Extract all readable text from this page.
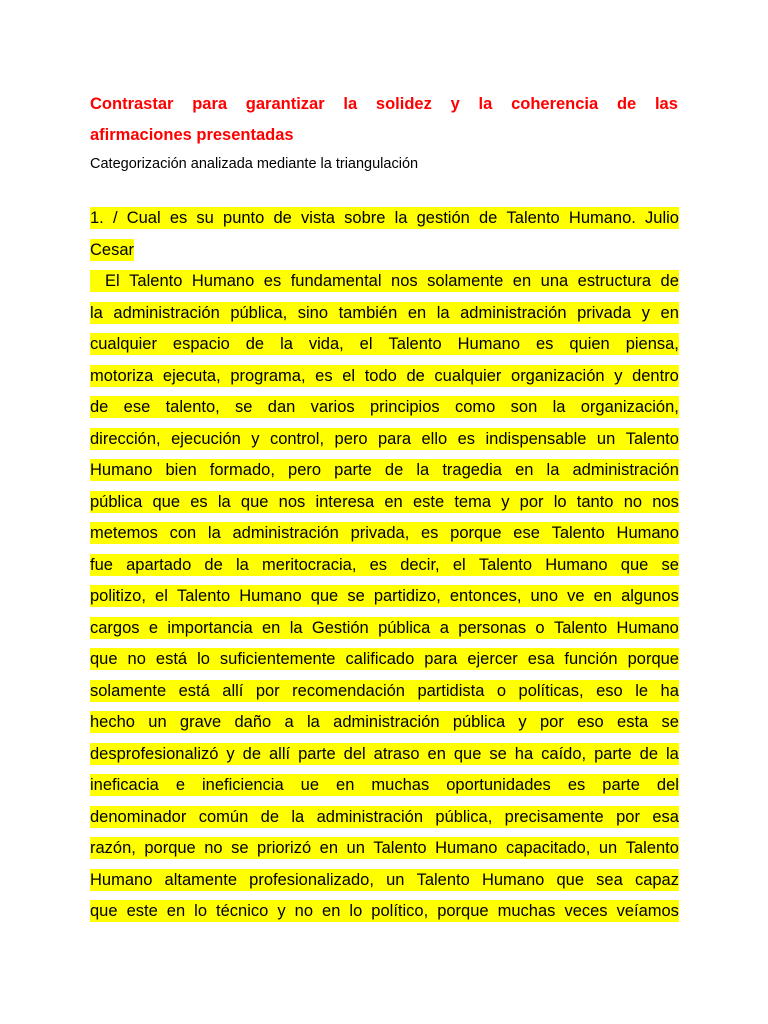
Contrastar para garantizar la solidez y la coherencia de las
afirmaciones presentadas

Categorización analizada mediante la triangulación

1. / Cual es su punto de vista sobre la gestión de Talento Humano. Julio
Cesar
El Talento Humano es fundamental nos solamente en una estructura de
la administración pública, sino también en la administración privada y en
cualquier espacio de la vida, el Talento Humano es quien piensa,
motoriza ejecuta, programa, es el todo de cualquier organización y dentro
de ese talento, se dan varios principios como son la organización,
dirección, ejecución y control, pero para ello es indispensable un Talento
Humano bien formado, pero parte de la tragedia en la administración
pública que es la que nos interesa en este tema y por lo tanto no nos
metemos con la administración privada, es porque ese Talento Humano
fue apartado de la meritocracia, es decir, el Talento Humano que se
politizo, el Talento Humano que se partidizo, entonces, uno ve en algunos
cargos e importancia en la Gestión pública a personas o Talento Humano
que no está lo suficientemente calificado para ejercer esa función porque
solamente está allí por recomendación partidista o políticas, eso le ha
hecho un grave daño a la administración pública y por eso esta se
desprofesionalizó y de allí parte del atraso en que se ha caído, parte de la
ineficacia e ineficiencia ue en muchas oportunidades es parte del
denominador común de la administración pública, precisamente por esa
razón, porque no se priorizó en un Talento Humano capacitado, un Talento
Humano altamente profesionalizado, un Talento Humano que sea capaz
que este en lo técnico y no en lo político, porque muchas veces veíamos
